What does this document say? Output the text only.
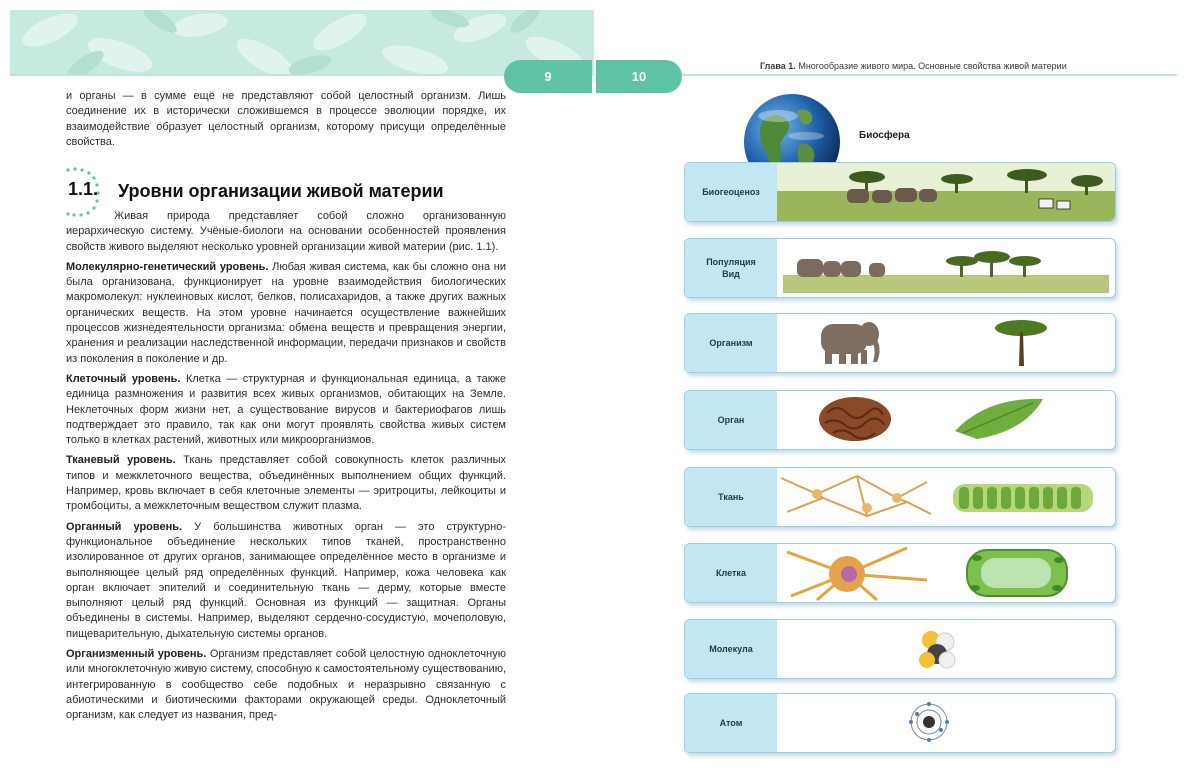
9	10
Глава 1. Многообразие живого мира. Основные свойства живой материи
и органы — в сумме ещё не представляют собой целостный организм. Лишь соединение их в исторически сложившемся в процессе эволюции порядке, их взаимодействие образует целостный организм, которому присущи определённые свойства.
1.1. Уровни организации живой материи

Живая природа представляет собой сложно организованную иерархическую систему. Учёные-биологи на основании особенностей проявления свойств живого выделяют несколько уровней организации живой материи (рис. 1.1).

Молекулярно-генетический уровень. Любая живая система, как бы сложно она ни была организована, функционирует на уровне взаимодействия биологических макромолекул: нуклеиновых кислот, белков, полисахаридов, а также других важных органических веществ. На этом уровне начинается осуществление важнейших процессов жизнедеятельности организма: обмена веществ и превращения энергии, хранения и реализации наследственной информации, передачи признаков и свойств из поколения в поколение и др.

Клеточный уровень. Клетка — структурная и функциональная единица, а также единица размножения и развития всех живых организмов, обитающих на Земле. Неклеточных форм жизни нет, а существование вирусов и бактериофагов лишь подтверждает это правило, так как они могут проявлять свойства живых систем только в клетках растений, животных или микроорганизмов.

Тканевый уровень. Ткань представляет собой совокупность клеток различных типов и межклеточного вещества, объединённых выполнением общих функций. Например, кровь включает в себя клеточные элементы — эритроциты, лейкоциты и тромбоциты, а межклеточным веществом служит плазма.

Органный уровень. У большинства животных орган — это структурно-функциональное объединение нескольких типов тканей, пространственно изолированное от других органов, занимающее определённое место в организме и выполняющее целый ряд определённых функций. Например, кожа человека как орган включает эпителий и соединительную ткань — дерму, которые вместе выполняют целый ряд функций. Основная из функций — защитная. Органы объединены в системы. Например, выделяют сердечно-сосудистую, мочеполовую, пищеварительную, дыхательную системы органов.

Организменный уровень. Организм представляет собой целостную одноклеточную или многоклеточную живую систему, способную к самостоятельному существованию, интегрированную в сообщество себе подобных и неразрывно связанную с абиотическими и биотическими факторами окружающей среды. Одноклеточный организм, как следует из названия, пред-

Биосфера
Биогеоценоз
Популяция
Вид
Организм
Орган
Ткань
Клетка
Молекула
Атом
